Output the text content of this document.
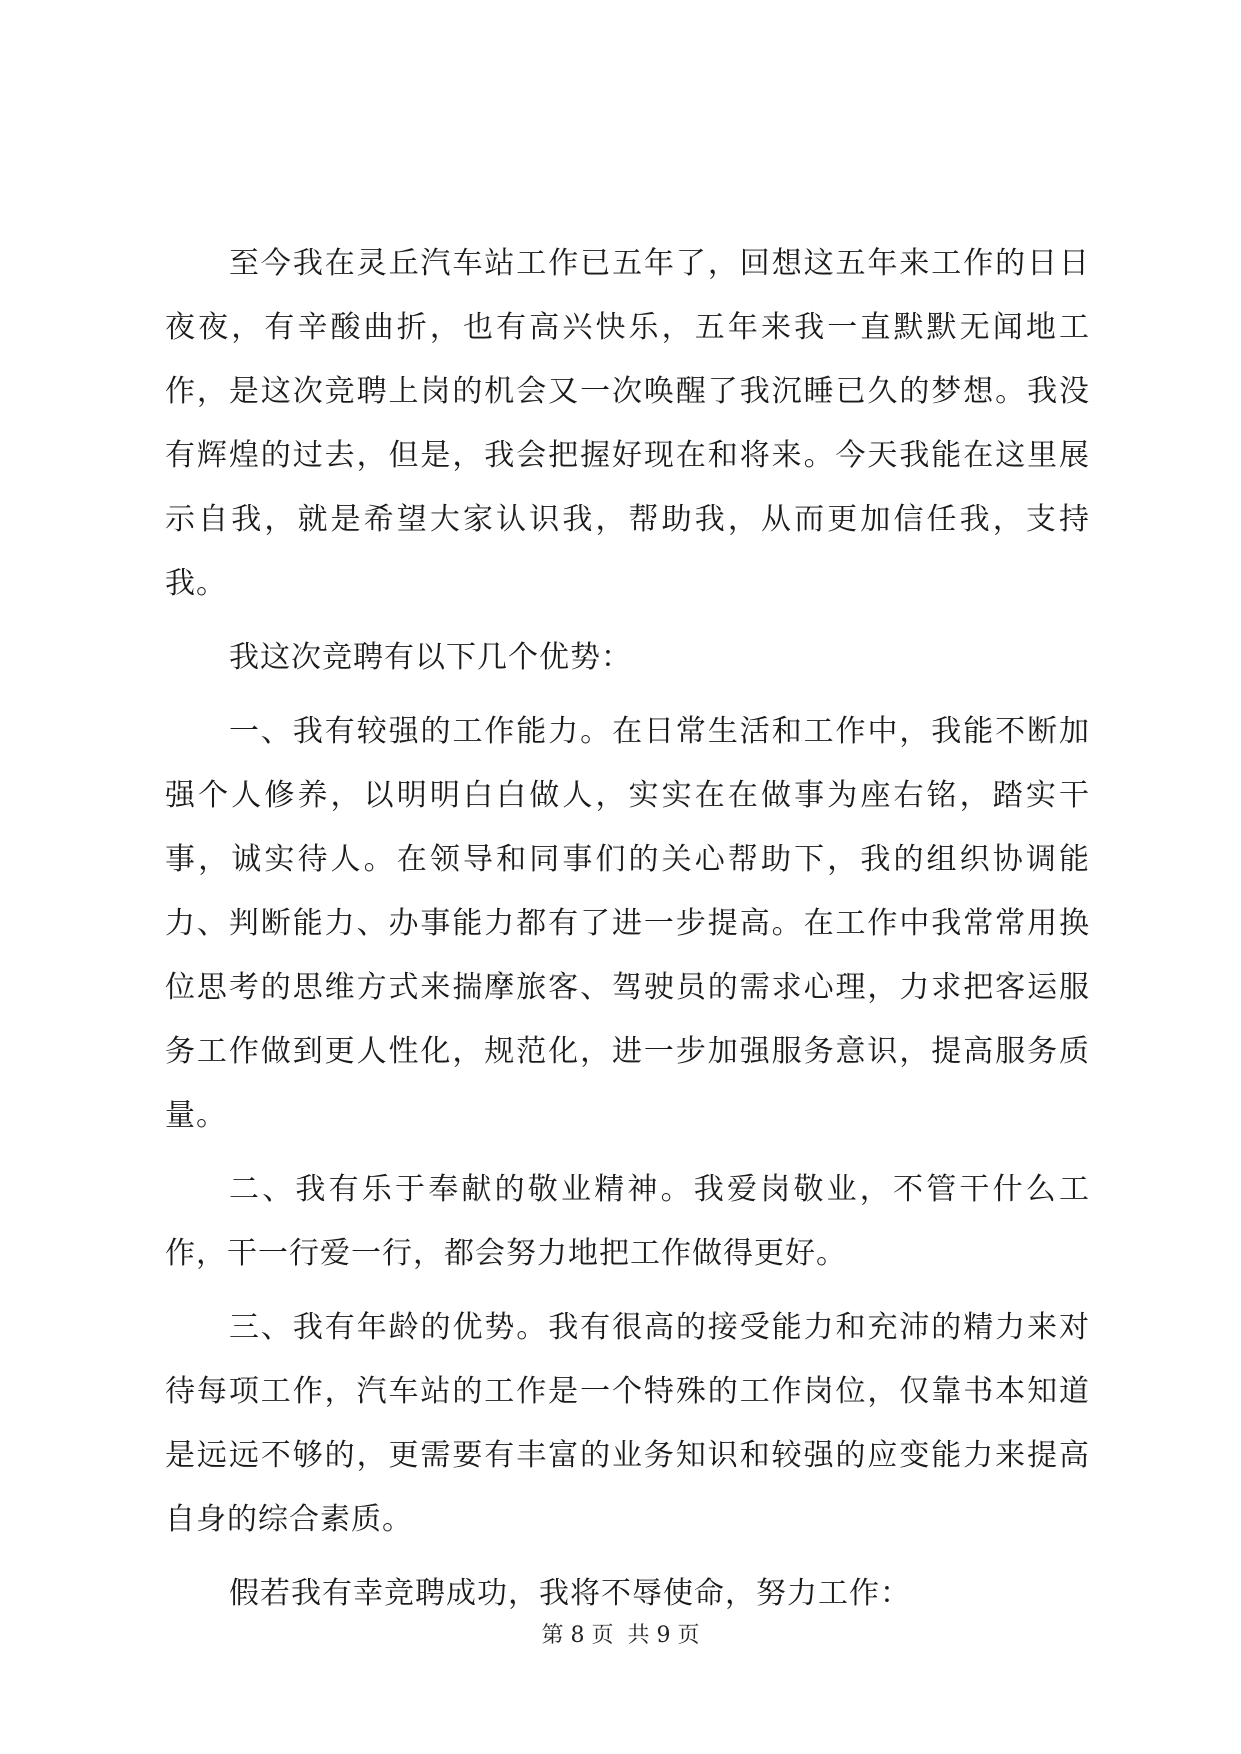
至今我在灵丘汽车站工作已五年了，回想这五年来工作的日日夜夜，有辛酸曲折，也有高兴快乐，五年来我一直默默无闻地工作，是这次竞聘上岗的机会又一次唤醒了我沉睡已久的梦想。我没有辉煌的过去，但是，我会把握好现在和将来。今天我能在这里展示自我，就是希望大家认识我，帮助我，从而更加信任我，支持我。

我这次竞聘有以下几个优势：

一、我有较强的工作能力。在日常生活和工作中，我能不断加强个人修养，以明明白白做人，实实在在做事为座右铭，踏实干事，诚实待人。在领导和同事们的关心帮助下，我的组织协调能力、判断能力、办事能力都有了进一步提高。在工作中我常常用换位思考的思维方式来揣摩旅客、驾驶员的需求心理，力求把客运服务工作做到更人性化，规范化，进一步加强服务意识，提高服务质量。

二、我有乐于奉献的敬业精神。我爱岗敬业，不管干什么工作，干一行爱一行，都会努力地把工作做得更好。

三、我有年龄的优势。我有很高的接受能力和充沛的精力来对待每项工作，汽车站的工作是一个特殊的工作岗位，仅靠书本知道是远远不够的，更需要有丰富的业务知识和较强的应变能力来提高自身的综合素质。

假若我有幸竞聘成功，我将不辱使命，努力工作：

第 8 页  共 9 页
